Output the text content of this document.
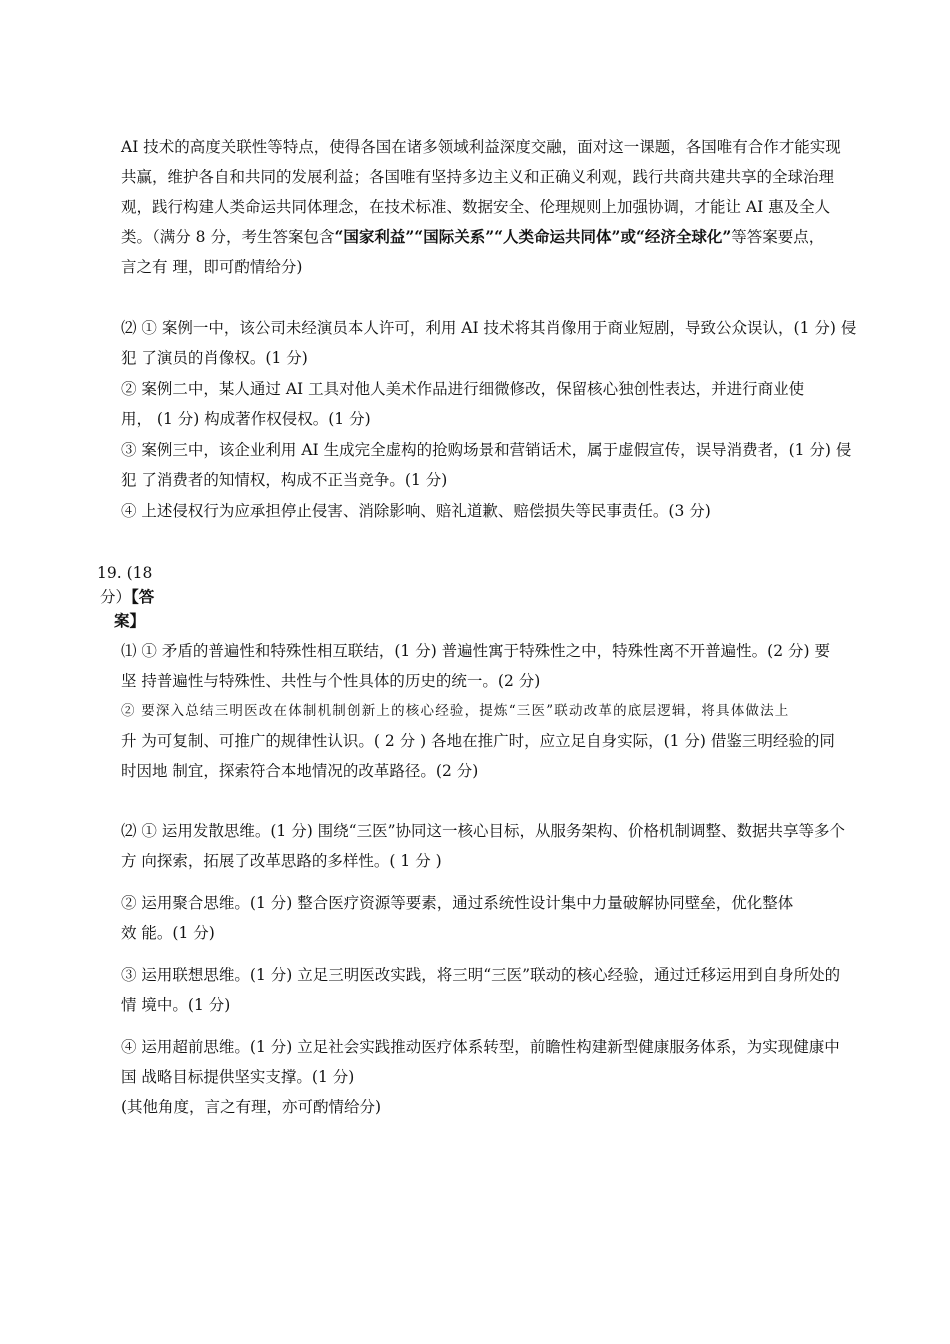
AI 技术的高度关联性等特点，使得各国在诸多领域利益深度交融，面对这一课题，各国唯有合作才能实现

共赢，维护各自和共同的发展利益；各国唯有坚持多边主义和正确义利观，践行共商共建共享的全球治理

观，践行构建人类命运共同体理念，在技术标准、数据安全、伦理规则上加强协调，才能让 AI 惠及全人

类。（满分 8 分，考生答案包含“国家利益”“国际关系”“人类命运共同体”或“经济全球化”等答案要点，

言之有 理，即可酌情给分)

⑵ ① 案例一中，该公司未经演员本人许可，利用 AI 技术将其肖像用于商业短剧，导致公众误认，(1 分) 侵

犯 了演员的肖像权。(1 分)

② 案例二中，某人通过 AI 工具对他人美术作品进行细微修改，保留核心独创性表达，并进行商业使

用， (1 分) 构成著作权侵权。(1 分)

③ 案例三中，该企业利用 AI 生成完全虚构的抢购场景和营销话术，属于虚假宣传，误导消费者，(1 分) 侵

犯 了消费者的知情权，构成不正当竞争。(1 分)

④ 上述侵权行为应承担停止侵害、消除影响、赔礼道歉、赔偿损失等民事责任。(3 分)

19. (18

分）【答

案】

⑴ ① 矛盾的普遍性和特殊性相互联结，(1 分) 普遍性寓于特殊性之中，特殊性离不开普遍性。(2 分) 要

坚 持普遍性与特殊性、共性与个性具体的历史的统一。(2 分)

② 要深入总结三明医改在体制机制创新上的核心经验，提炼“三医”联动改革的底层逻辑，将具体做法上

升 为可复制、可推广的规律性认识。( 2 分 ) 各地在推广时，应立足自身实际，(1 分) 借鉴三明经验的同

时因地 制宜，探索符合本地情况的改革路径。(2 分)

⑵ ① 运用发散思维。(1 分) 围绕“三医”协同这一核心目标，从服务架构、价格机制调整、数据共享等多个

方 向探索，拓展了改革思路的多样性。( 1 分 )

② 运用聚合思维。(1 分) 整合医疗资源等要素，通过系统性设计集中力量破解协同壁垒，优化整体

效 能。(1 分)

③ 运用联想思维。(1 分) 立足三明医改实践，将三明“三医”联动的核心经验，通过迁移运用到自身所处的

情 境中。(1 分)

④ 运用超前思维。(1 分) 立足社会实践推动医疗体系转型，前瞻性构建新型健康服务体系，为实现健康中

国 战略目标提供坚实支撑。(1 分)

(其他角度，言之有理，亦可酌情给分)
